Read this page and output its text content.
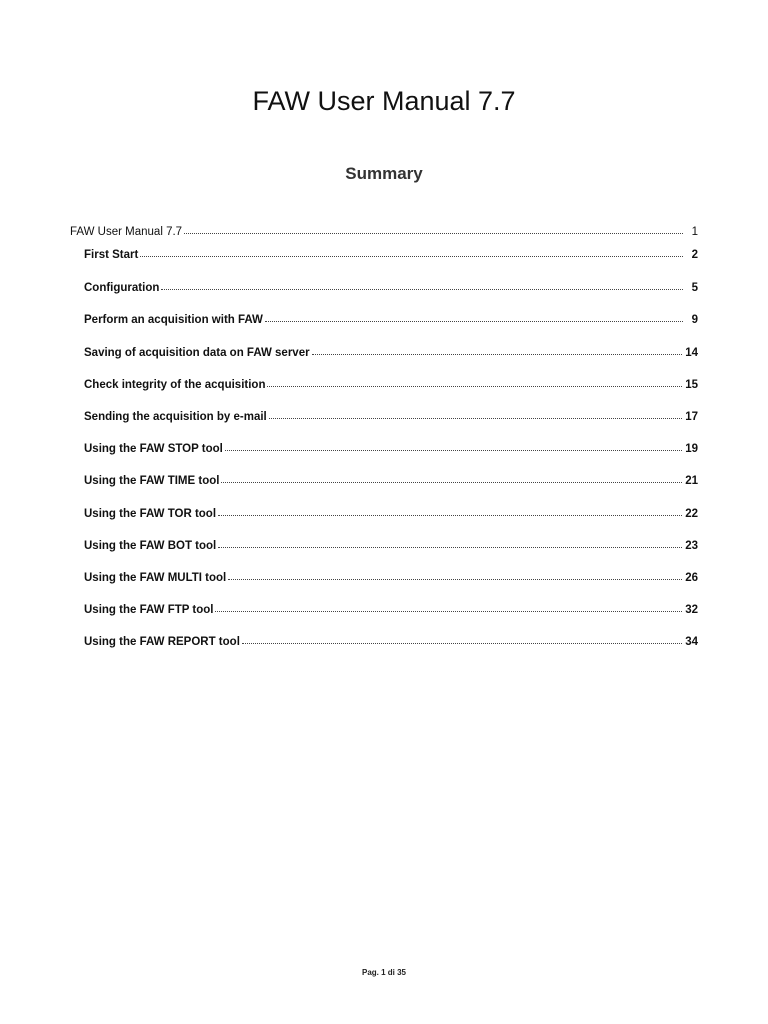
FAW User Manual 7.7
Summary
FAW User Manual 7.7	1
First Start	2
Configuration	5
Perform an acquisition with FAW	9
Saving of acquisition data on FAW server	14
Check integrity of the acquisition	15
Sending the acquisition by e-mail	17
Using the FAW STOP tool	19
Using the FAW TIME tool	21
Using the FAW TOR tool	22
Using the FAW BOT tool	23
Using the FAW MULTI tool	26
Using the FAW FTP tool	32
Using the FAW REPORT tool	34
Pag. 1 di 35
